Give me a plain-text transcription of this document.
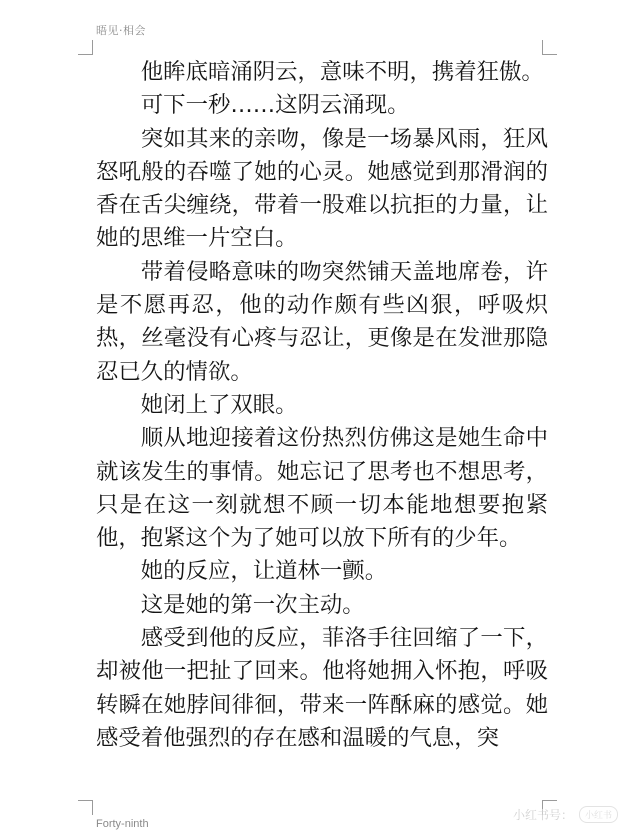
晤见·相会

他眸底暗涌阴云，意味不明，携着狂傲。

可下一秒……这阴云涌现。

突如其来的亲吻，像是一场暴风雨，狂风怒吼般的吞噬了她的心灵。她感觉到那滑润的香在舌尖缠绕，带着一股难以抗拒的力量，让她的思维一片空白。

带着侵略意味的吻突然铺天盖地席卷，许是不愿再忍，他的动作颇有些凶狠，呼吸炽热，丝毫没有心疼与忍让，更像是在发泄那隐忍已久的情欲。

她闭上了双眼。

顺从地迎接着这份热烈仿佛这是她生命中就该发生的事情。她忘记了思考也不想思考，只是在这一刻就想不顾一切本能地想要抱紧他，抱紧这个为了她可以放下所有的少年。

她的反应，让道林一颤。

这是她的第一次主动。

感受到他的反应，菲洛手往回缩了一下，却被他一把扯了回来。他将她拥入怀抱，呼吸转瞬在她脖间徘徊，带来一阵酥麻的感觉。她感受着他强烈的存在感和温暖的气息，突

Forty-ninth
小红书号：	小红书
